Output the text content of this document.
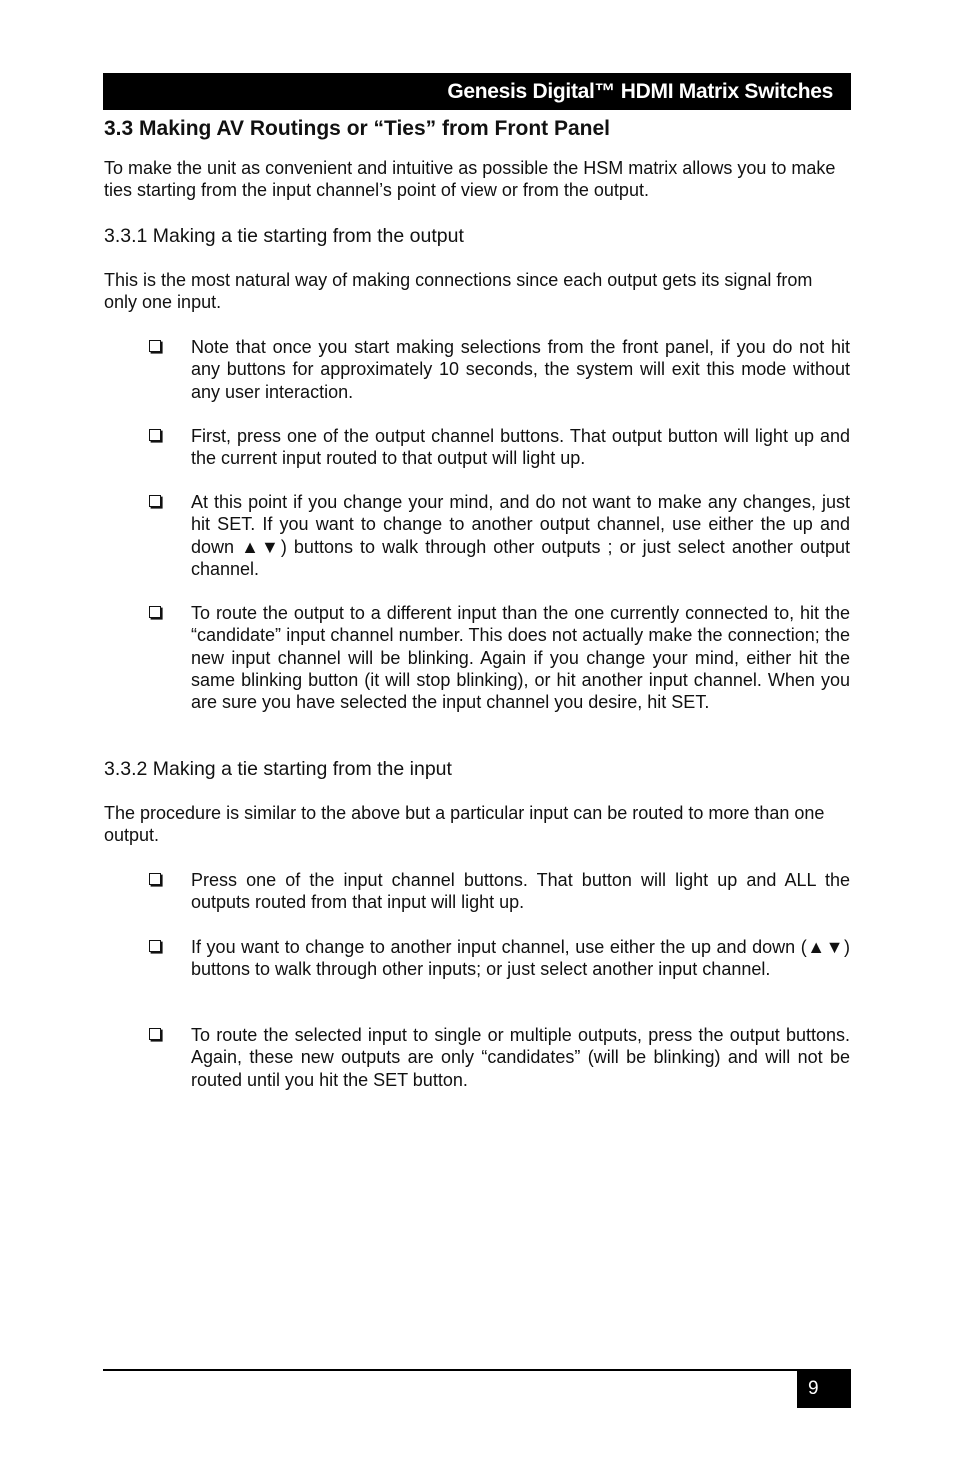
Genesis Digital™ HDMI Matrix Switches
3.3 Making AV Routings or “Ties” from Front Panel

To make the unit as convenient and intuitive as possible the HSM matrix allows you to make ties starting from the input channel’s point of view or from the output.

3.3.1 Making a tie starting from the output

This is the most natural way of making connections since each output gets its signal from only one input.

Note that once you start making selections from the front panel, if you do not hit any buttons for approximately 10 seconds, the system will exit this mode without any user interaction.

First, press one of the output channel buttons. That output button will light up and the current input routed to that output will light up.

At this point if you change your mind, and do not want to make any changes, just hit SET. If you want to change to another output channel, use either the up and down ▲▼) buttons to walk through other outputs ; or just select another output channel.

To route the output to a different input than the one currently connected to, hit the “candidate” input channel number. This does not actually make the connection; the new input channel will be blinking. Again if you change your mind, either hit the same blinking button (it will stop blinking), or hit another input channel. When you are sure you have selected the input channel you desire, hit SET.

3.3.2 Making a tie starting from the input

The procedure is similar to the above but a particular input can be routed to more than one output.

Press one of the input channel buttons. That button will light up and ALL the outputs routed from that input will light up.

If you want to change to another input channel, use either the up and down (▲▼) buttons to walk through other inputs; or just select another input channel.

To route the selected input to single or multiple outputs, press the output buttons. Again, these new outputs are only “candidates” (will be blinking) and will not be routed until you hit the SET button.

9
